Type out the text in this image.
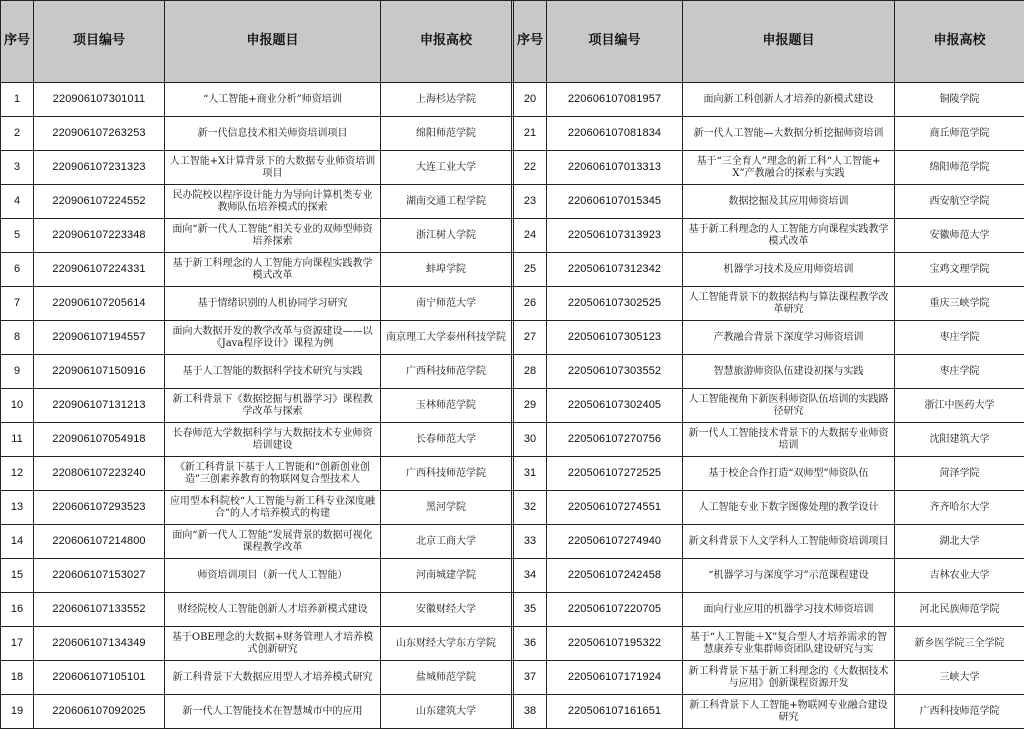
序号	项目编号	申报题目	申报高校		序号	项目编号	申报题目	申报高校
1	220906107301011	“人工智能+商业分析”师资培训	上海杉达学院		20	220606107081957	面向新工科创新人才培养的新模式建设	铜陵学院
2	220906107263253	新一代信息技术相关师资培训项目	绵阳师范学院		21	220606107081834	新一代人工智能—大数据分析挖掘师资培训	商丘师范学院
3	220906107231323	人工智能+X计算背景下的大数据专业师资培训项目	大连工业大学		22	220606107013313	基于“三全育人”理念的新工科“人工智能+X”产教融合的探索与实践	绵阳师范学院
4	220906107224552	民办院校以程序设计能力为导向计算机类专业教师队伍培养模式的探索	湖南交通工程学院		23	220606107015345	数据挖掘及其应用师资培训	西安航空学院
5	220906107223348	面向“新一代人工智能”相关专业的双师型师资培养探索	浙江树人学院		24	220506107313923	基于新工科理念的人工智能方向课程实践教学模式改革	安徽师范大学
6	220906107224331	基于新工科理念的人工智能方向课程实践教学模式改革	蚌埠学院		25	220506107312342	机器学习技术及应用师资培训	宝鸡文理学院
7	220906107205614	基于情绪识别的人机协同学习研究	南宁师范大学		26	220506107302525	人工智能背景下的数据结构与算法课程教学改革研究	重庆三峡学院
8	220906107194557	面向大数据开发的教学改革与资源建设——以《Java程序设计》课程为例	南京理工大学泰州科技学院		27	220506107305123	产教融合背景下深度学习师资培训	枣庄学院
9	220906107150916	基于人工智能的数据科学技术研究与实践	广西科技师范学院		28	220506107303552	智慧旅游师资队伍建设初探与实践	枣庄学院
10	220906107131213	新工科背景下《数据挖掘与机器学习》课程教学改革与探索	玉林师范学院		29	220506107302405	人工智能视角下新医科师资队伍培训的实践路径研究	浙江中医药大学
11	220906107054918	长春师范大学数据科学与大数据技术专业师资培训建设	长春师范大学		30	220506107270756	新一代人工智能技术背景下的大数据专业师资培训	沈阳建筑大学
12	220806107223240	《新工科背景下基于人工智能和“创新创业创造”三创素养教育的物联网复合型技术人	广西科技师范学院		31	220506107272525	基于校企合作打造“双师型”师资队伍	菏泽学院
13	220606107293523	应用型本科院校“人工智能与新工科专业深度融合”的人才培养模式的构建	黑河学院		32	220506107274551	人工智能专业下数字图像处理的教学设计	齐齐哈尔大学
14	220606107214800	面向“新一代人工智能”发展背景的数据可视化课程教学改革	北京工商大学		33	220506107274940	新文科背景下人文学科人工智能师资培训项目	湖北大学
15	220606107153027	师资培训项目（新一代人工智能）	河南城建学院		34	220506107242458	“机器学习与深度学习”示范课程建设	吉林农业大学
16	220606107133552	财经院校人工智能创新人才培养新模式建设	安徽财经大学		35	220506107220705	面向行业应用的机器学习技术师资培训	河北民族师范学院
17	220606107134349	基于OBE理念的大数据+财务管理人才培养模式创新研究	山东财经大学东方学院		36	220506107195322	基于“人工智能＋X”复合型人才培养需求的智慧康养专业集群师资团队建设研究与实	新乡医学院三全学院
18	220606107105101	新工科背景下大数据应用型人才培养模式研究	盐城师范学院		37	220506107171924	新工科背景下基于新工科理念的《大数据技术与应用》创新课程资源开发	三峡大学
19	220606107092025	新一代人工智能技术在智慧城市中的应用	山东建筑大学		38	220506107161651	新工科背景下人工智能+物联网专业融合建设研究	广西科技师范学院
